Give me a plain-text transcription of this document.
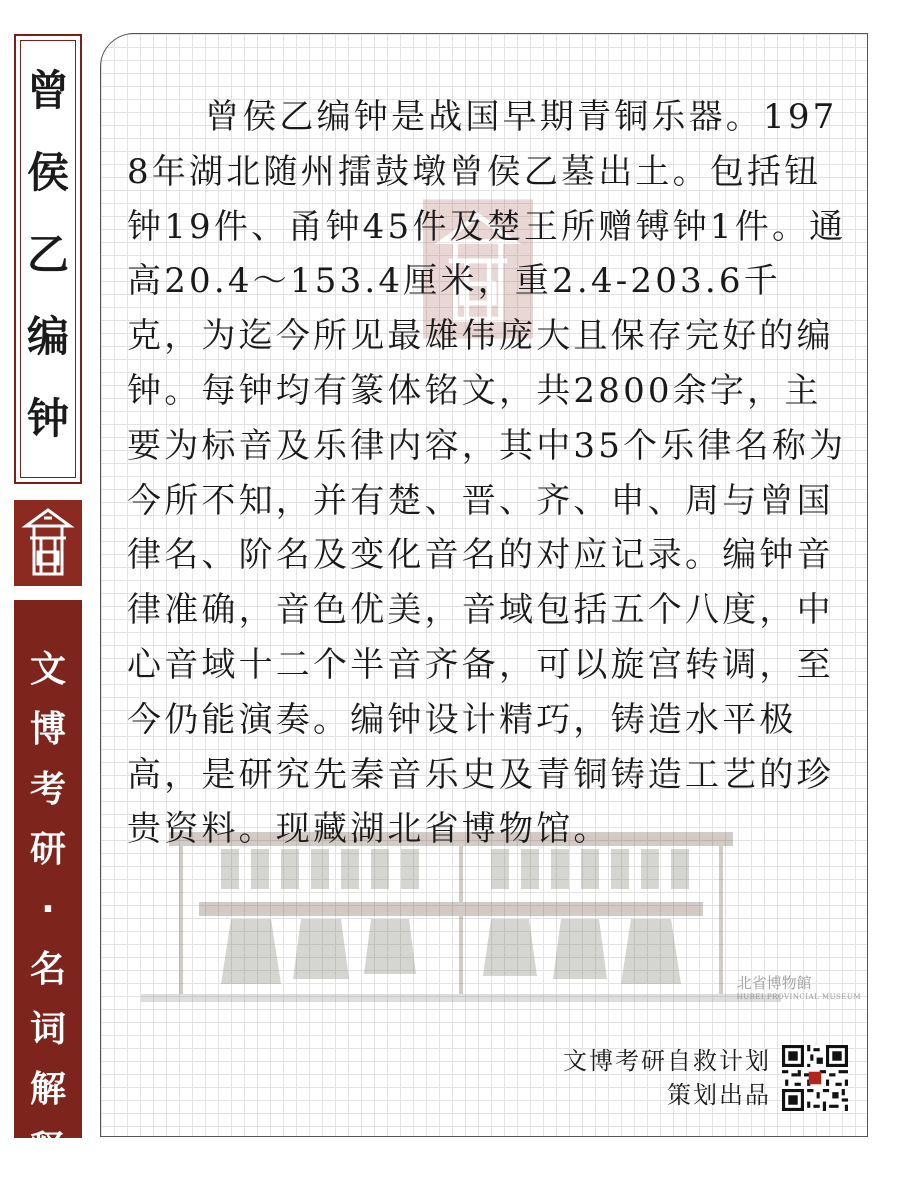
曾
侯
乙
编
钟
文
博
考
研
·
名
词
解
释
北省博物館
HUBEI PROVINCIAL MUSEUM
曾侯乙编钟是战国早期青铜乐器。1978年湖北随州擂鼓墩曾侯乙墓出土。包括钮钟19件、甬钟45件及楚王所赠镈钟1件。通高20.4～153.4厘米，重2.4-203.6千克，为迄今所见最雄伟庞大且保存完好的编钟。每钟均有篆体铭文，共2800余字，主要为标音及乐律内容，其中35个乐律名称为今所不知，并有楚、晋、齐、申、周与曾国律名、阶名及变化音名的对应记录。编钟音律准确，音色优美，音域包括五个八度，中心音域十二个半音齐备，可以旋宫转调，至今仍能演奏。编钟设计精巧，铸造水平极高，是研究先秦音乐史及青铜铸造工艺的珍贵资料。现藏湖北省博物馆。
文博考研自救计划
策划出品
